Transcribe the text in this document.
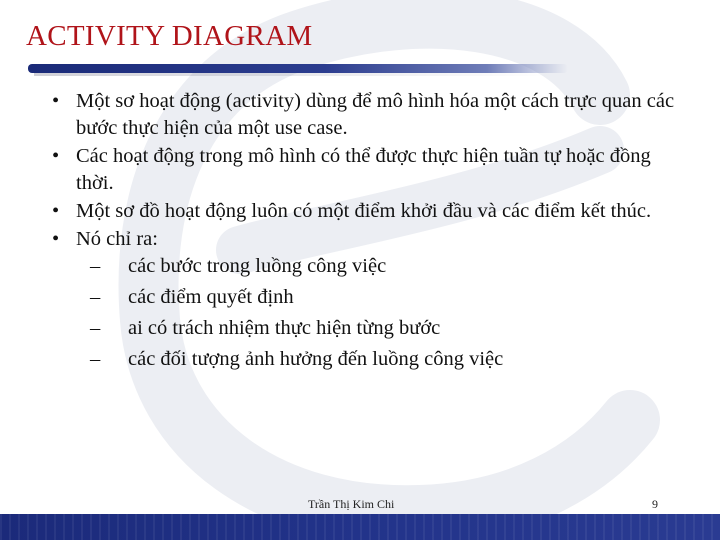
ACTIVITY DIAGRAM
• Một sơ hoạt động (activity) dùng để mô hình hóa một cách trực quan các bước thực hiện của một use case.
• Các hoạt động trong mô hình có thể được thực hiện tuần tự hoặc đồng thời.
• Một sơ đồ hoạt động luôn có một điểm khởi đầu và các điểm kết thúc.
• Nó chỉ ra:
– các bước trong luồng công việc
– các điểm quyết định
– ai có trách nhiệm thực hiện từng bước
– các đối tượng ảnh hưởng đến luồng công việc
Trần Thị Kim Chi	9
